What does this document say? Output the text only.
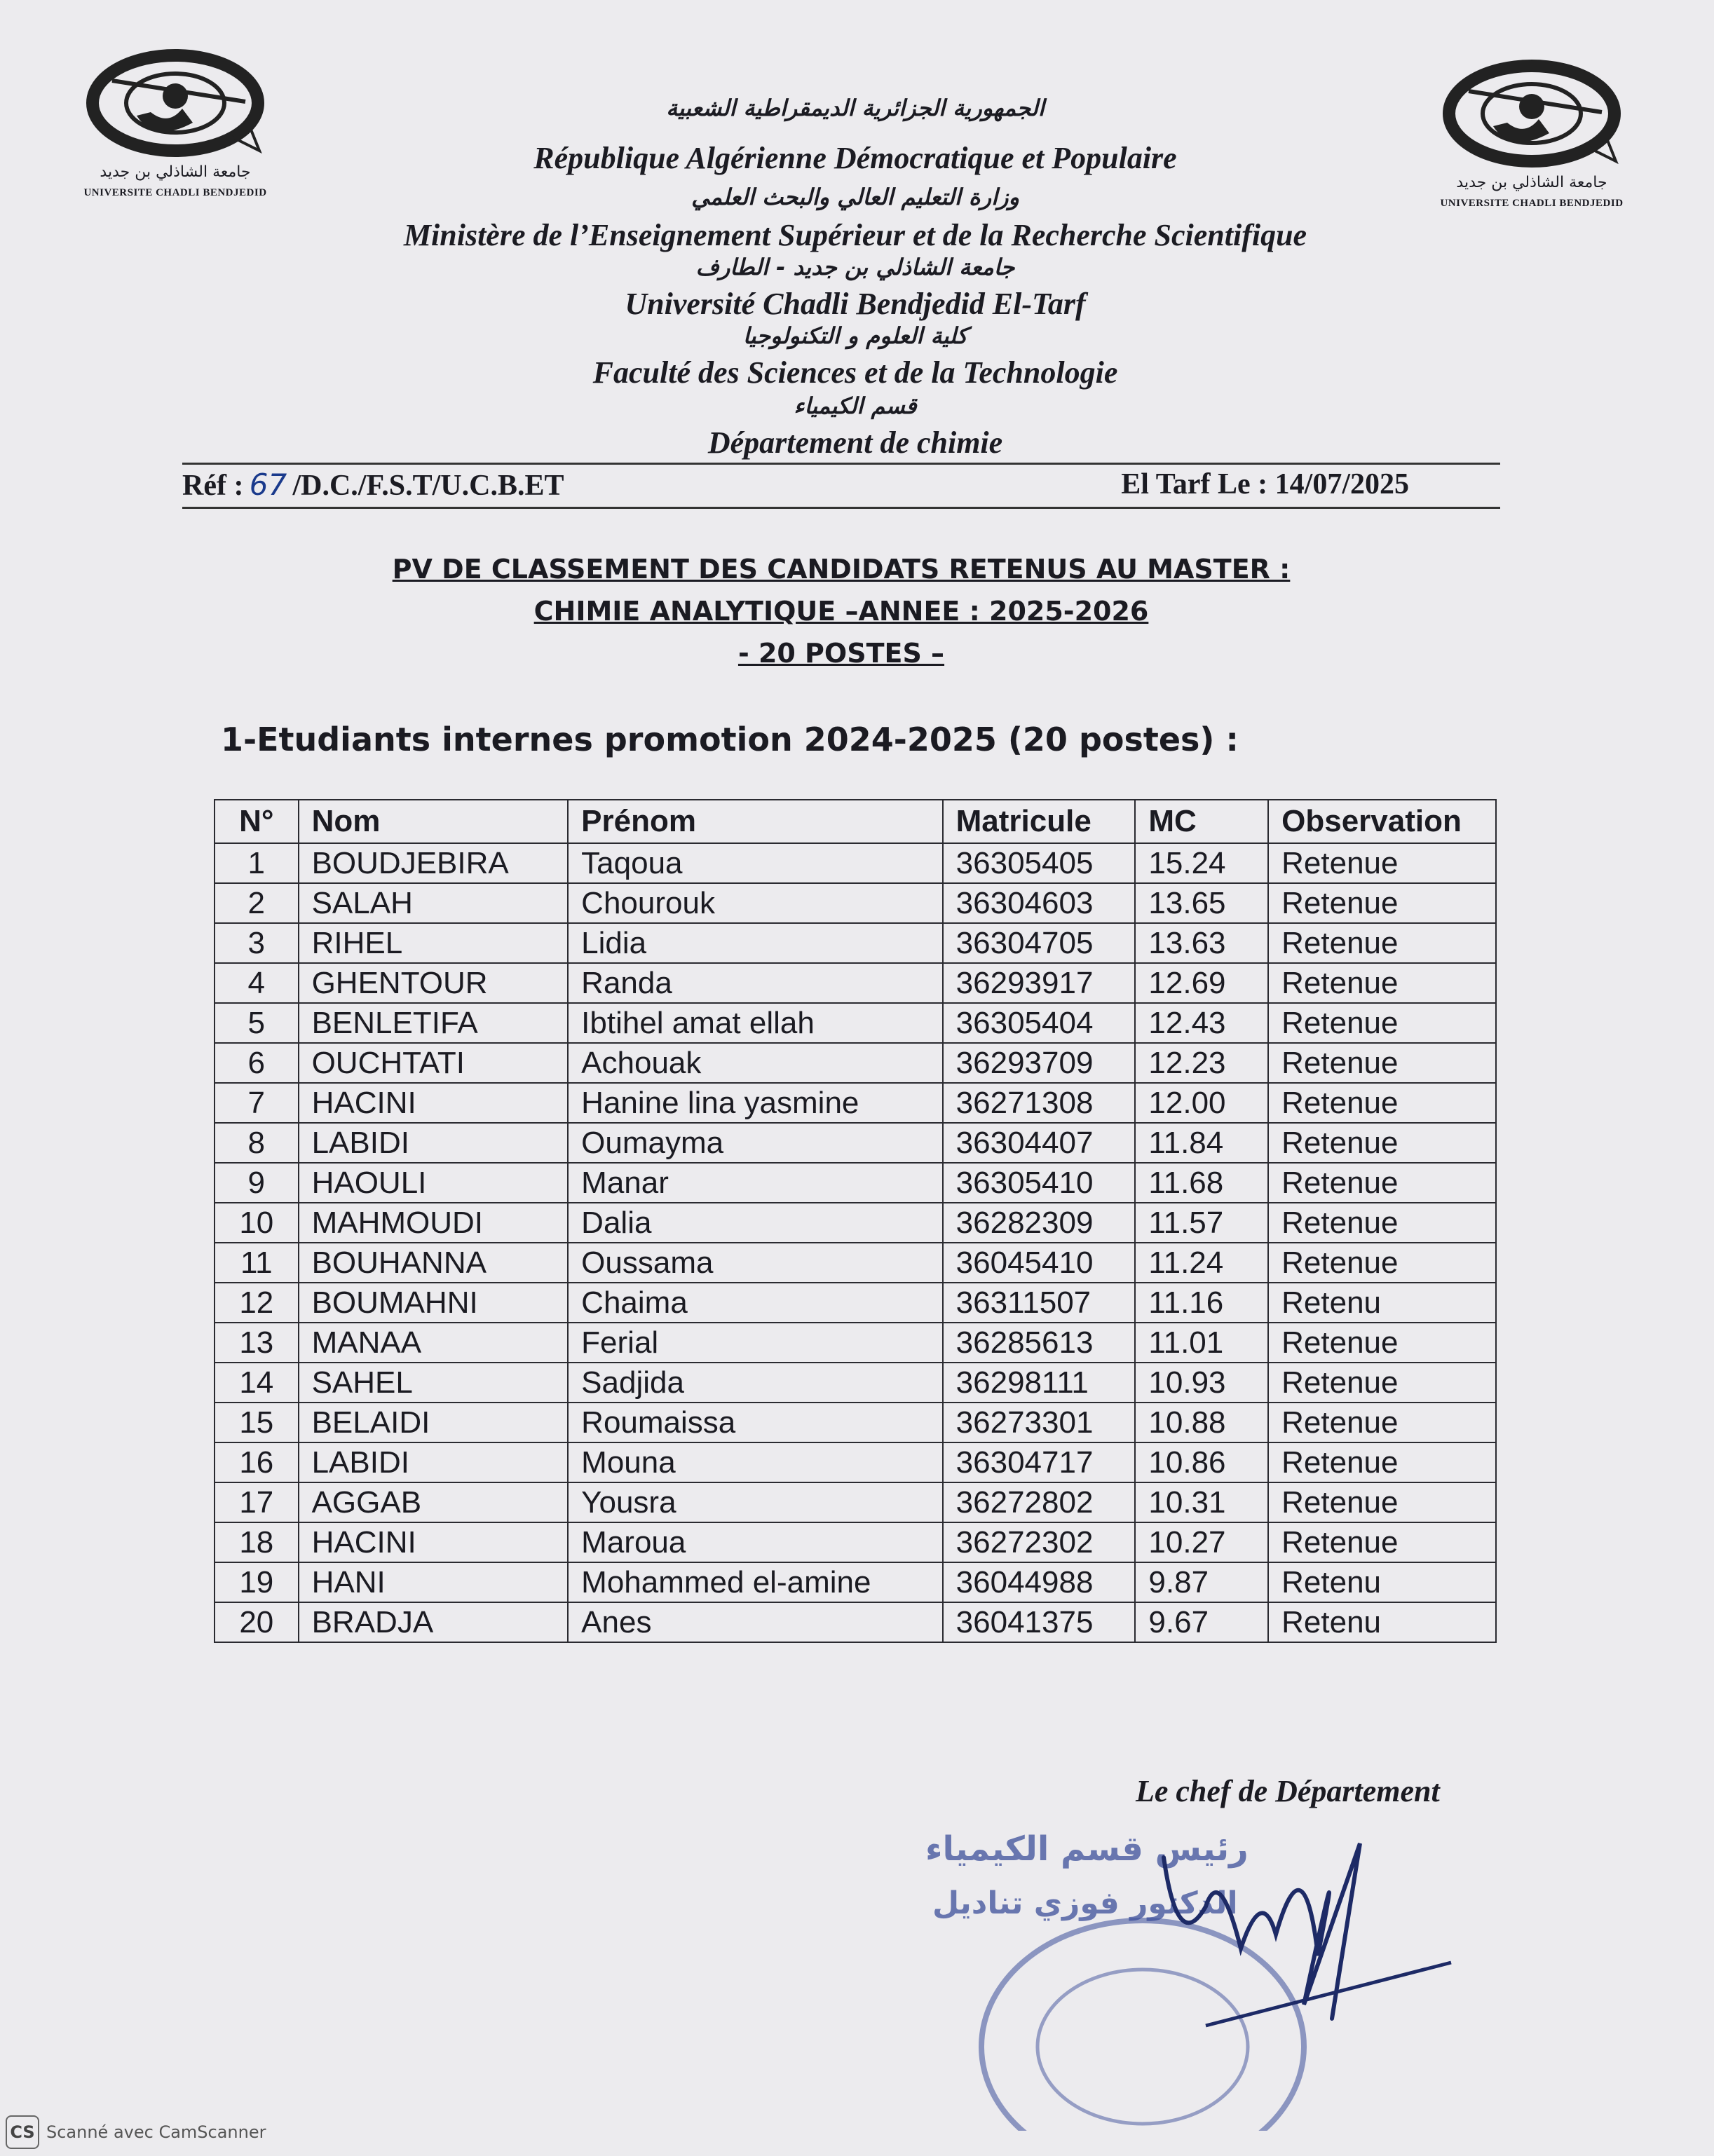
جامعة الشاذلي بن جديد
UNIVERSITE CHADLI BENDJEDID
جامعة الشاذلي بن جديد
UNIVERSITE CHADLI BENDJEDID
الجمهورية الجزائرية الديمقراطية الشعبية
République Algérienne Démocratique et Populaire
وزارة التعليم العالي والبحث العلمي
Ministère de l’Enseignement Supérieur et de la Recherche Scientifique
جامعة الشاذلي بن جديد - الطارف
Université Chadli Bendjedid El-Tarf
كلية العلوم و التكنولوجيا
Faculté des Sciences et de la Technologie
قسم الكيمياء
Département de chimie
Réf : 67 /D.C./F.S.T/U.C.B.ET	El Tarf Le : 14/07/2025
PV DE CLASSEMENT DES CANDIDATS RETENUS AU MASTER :
CHIMIE ANALYTIQUE –ANNEE : 2025-2026
- 20 POSTES –
1-Etudiants internes promotion 2024-2025 (20 postes) :
N°	Nom	Prénom	Matricule	MC	Observation
1	BOUDJEBIRA	Taqoua	36305405	15.24	Retenue
2	SALAH	Chourouk	36304603	13.65	Retenue
3	RIHEL	Lidia	36304705	13.63	Retenue
4	GHENTOUR	Randa	36293917	12.69	Retenue
5	BENLETIFA	Ibtihel amat ellah	36305404	12.43	Retenue
6	OUCHTATI	Achouak	36293709	12.23	Retenue
7	HACINI	Hanine lina yasmine	36271308	12.00	Retenue
8	LABIDI	Oumayma	36304407	11.84	Retenue
9	HAOULI	Manar	36305410	11.68	Retenue
10	MAHMOUDI	Dalia	36282309	11.57	Retenue
11	BOUHANNA	Oussama	36045410	11.24	Retenue
12	BOUMAHNI	Chaima	36311507	11.16	Retenu
13	MANAA	Ferial	36285613	11.01	Retenue
14	SAHEL	Sadjida	36298111	10.93	Retenue
15	BELAIDI	Roumaissa	36273301	10.88	Retenue
16	LABIDI	Mouna	36304717	10.86	Retenue
17	AGGAB	Yousra	36272802	10.31	Retenue
18	HACINI	Maroua	36272302	10.27	Retenue
19	HANI	Mohammed el-amine	36044988	9.87	Retenu
20	BRADJA	Anes	36041375	9.67	Retenu
Le chef de Département
رئيس قسم الكيمياء
الدكتور فوزي تناديل
CS Scanné avec CamScanner
